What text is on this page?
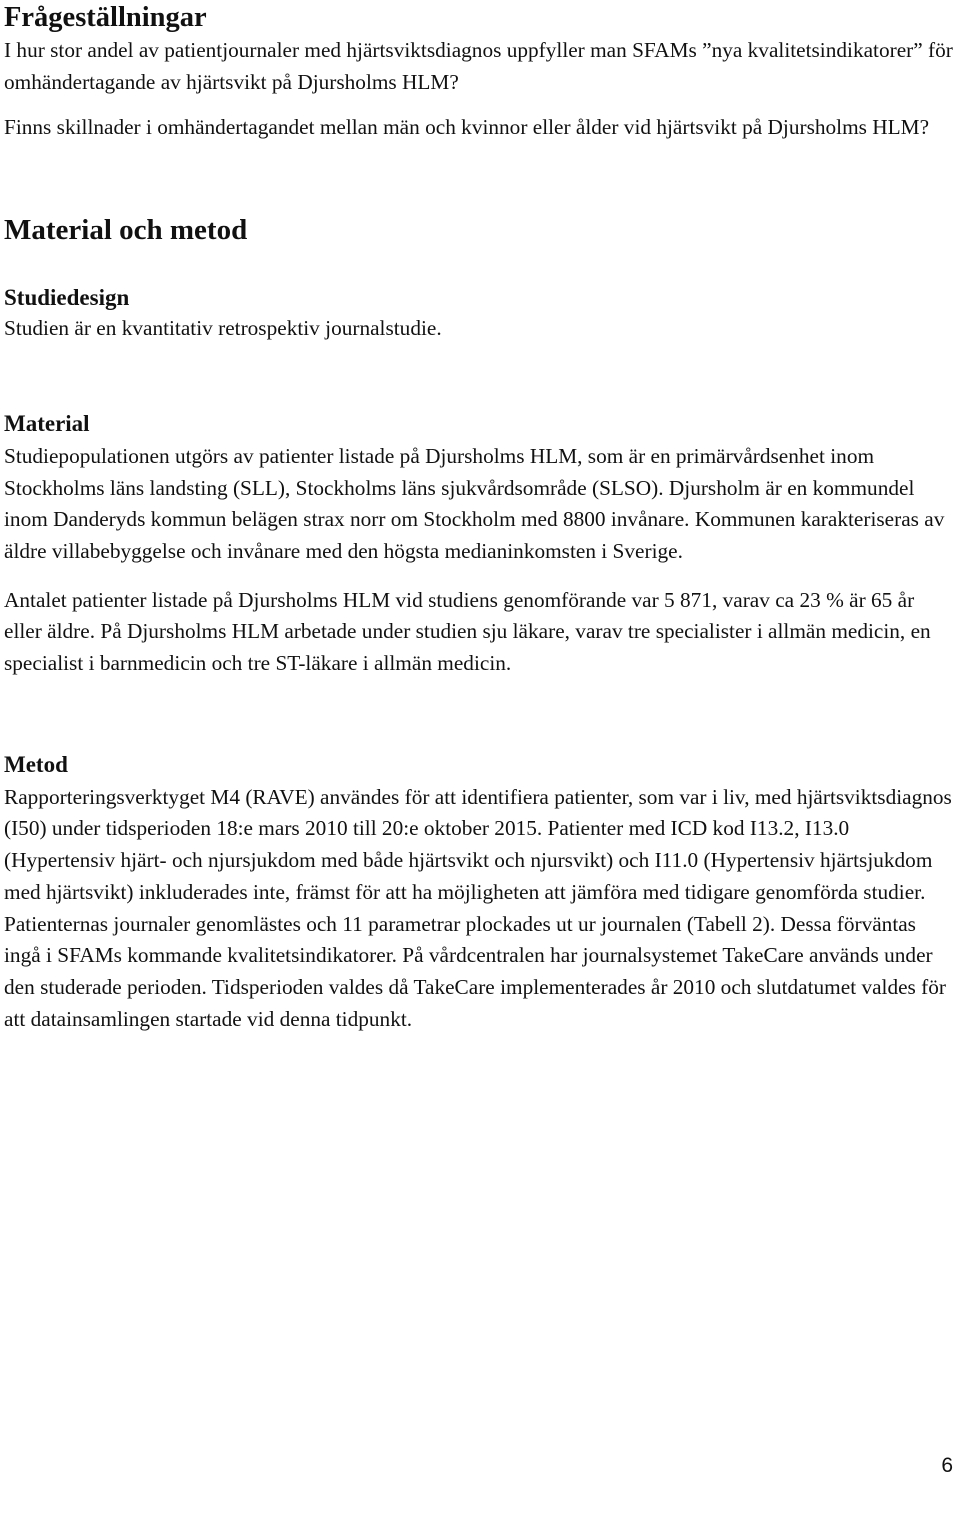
Frågeställningar

I hur stor andel av patientjournaler med hjärtsviktsdiagnos uppfyller man SFAMs ”nya kvalitetsindikatorer” för omhändertagande av hjärtsvikt på Djursholms HLM?

Finns skillnader i omhändertagandet mellan män och kvinnor eller ålder vid hjärtsvikt på Djursholms HLM?

Material och metod
Studiedesign

Studien är en kvantitativ retrospektiv journalstudie.

Material

Studiepopulationen utgörs av patienter listade på Djursholms HLM, som är en primärvårdsenhet inom Stockholms läns landsting (SLL), Stockholms läns sjukvårdsområde (SLSO). Djursholm är en kommundel inom Danderyds kommun belägen strax norr om Stockholm med 8800 invånare. Kommunen karakteriseras av äldre villabebyggelse och invånare med den högsta medianinkomsten i Sverige.

Antalet patienter listade på Djursholms HLM vid studiens genomförande var 5 871, varav ca 23 % är 65 år eller äldre. På Djursholms HLM arbetade under studien sju läkare, varav tre specialister i allmän medicin, en specialist i barnmedicin och tre ST-läkare i allmän medicin.

Metod

Rapporteringsverktyget M4 (RAVE) användes för att identifiera patienter, som var i liv, med hjärtsviktsdiagnos (I50) under tidsperioden 18:e mars 2010 till 20:e oktober 2015. Patienter med ICD kod I13.2, I13.0 (Hypertensiv hjärt- och njursjukdom med både hjärtsvikt och njursvikt) och I11.0 (Hypertensiv hjärtsjukdom med hjärtsvikt) inkluderades inte, främst för att ha möjligheten att jämföra med tidigare genomförda studier. Patienternas journaler genomlästes och 11 parametrar plockades ut ur journalen (Tabell 2). Dessa förväntas ingå i SFAMs kommande kvalitetsindikatorer. På vårdcentralen har journalsystemet TakeCare används under den studerade perioden. Tidsperioden valdes då TakeCare implementerades år 2010 och slutdatumet valdes för att datainsamlingen startade vid denna tidpunkt.

6
